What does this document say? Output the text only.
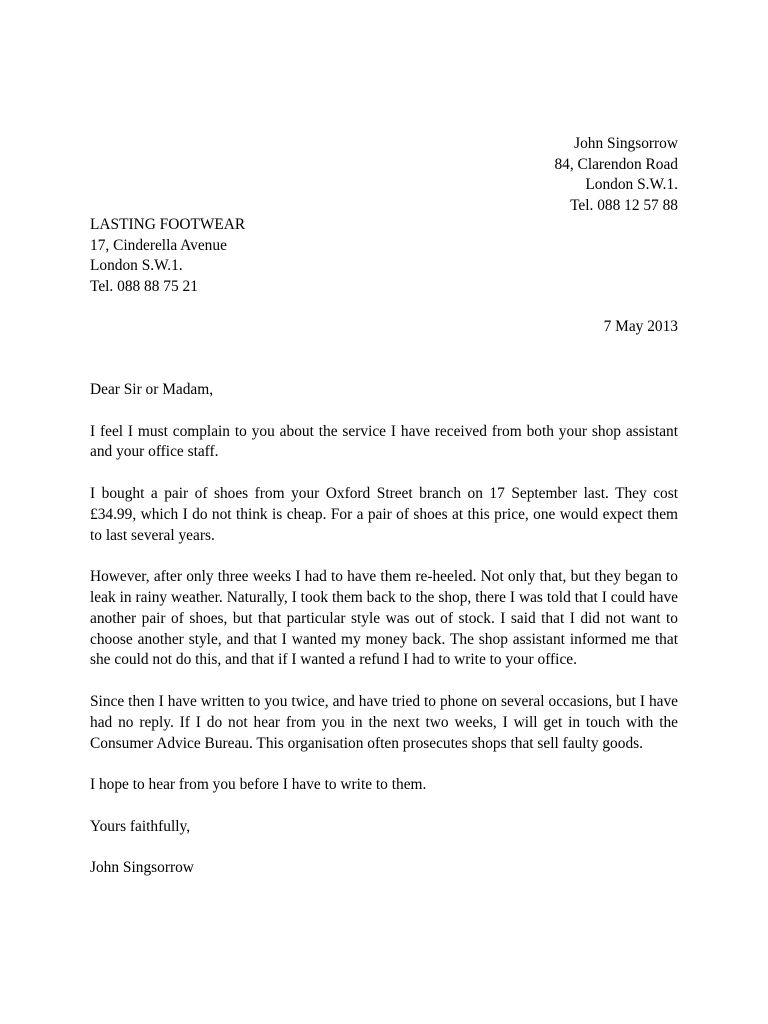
John Singsorrow
84, Clarendon Road
London S.W.1.
Tel. 088 12 57 88
LASTING FOOTWEAR
17, Cinderella Avenue
London S.W.1.
Tel. 088 88 75 21
7 May 2013

Dear Sir or Madam,

I feel I must complain to you about the service I have received from both your shop assistant and your office staff.

I bought a pair of shoes from your Oxford Street branch on 17 September last. They cost £34.99, which I do not think is cheap. For a pair of shoes at this price, one would expect them to last several years.

However, after only three weeks I had to have them re-heeled. Not only that, but they began to leak in rainy weather. Naturally, I took them back to the shop, there I was told that I could have another pair of shoes, but that particular style was out of stock. I said that I did not want to choose another style, and that I wanted my money back. The shop assistant informed me that she could not do this, and that if I wanted a refund I had to write to your office.

Since then I have written to you twice, and have tried to phone on several occasions, but I have had no reply. If I do not hear from you in the next two weeks, I will get in touch with the Consumer Advice Bureau. This organisation often prosecutes shops that sell faulty goods.

I hope to hear from you before I have to write to them.

Yours faithfully,

John Singsorrow
